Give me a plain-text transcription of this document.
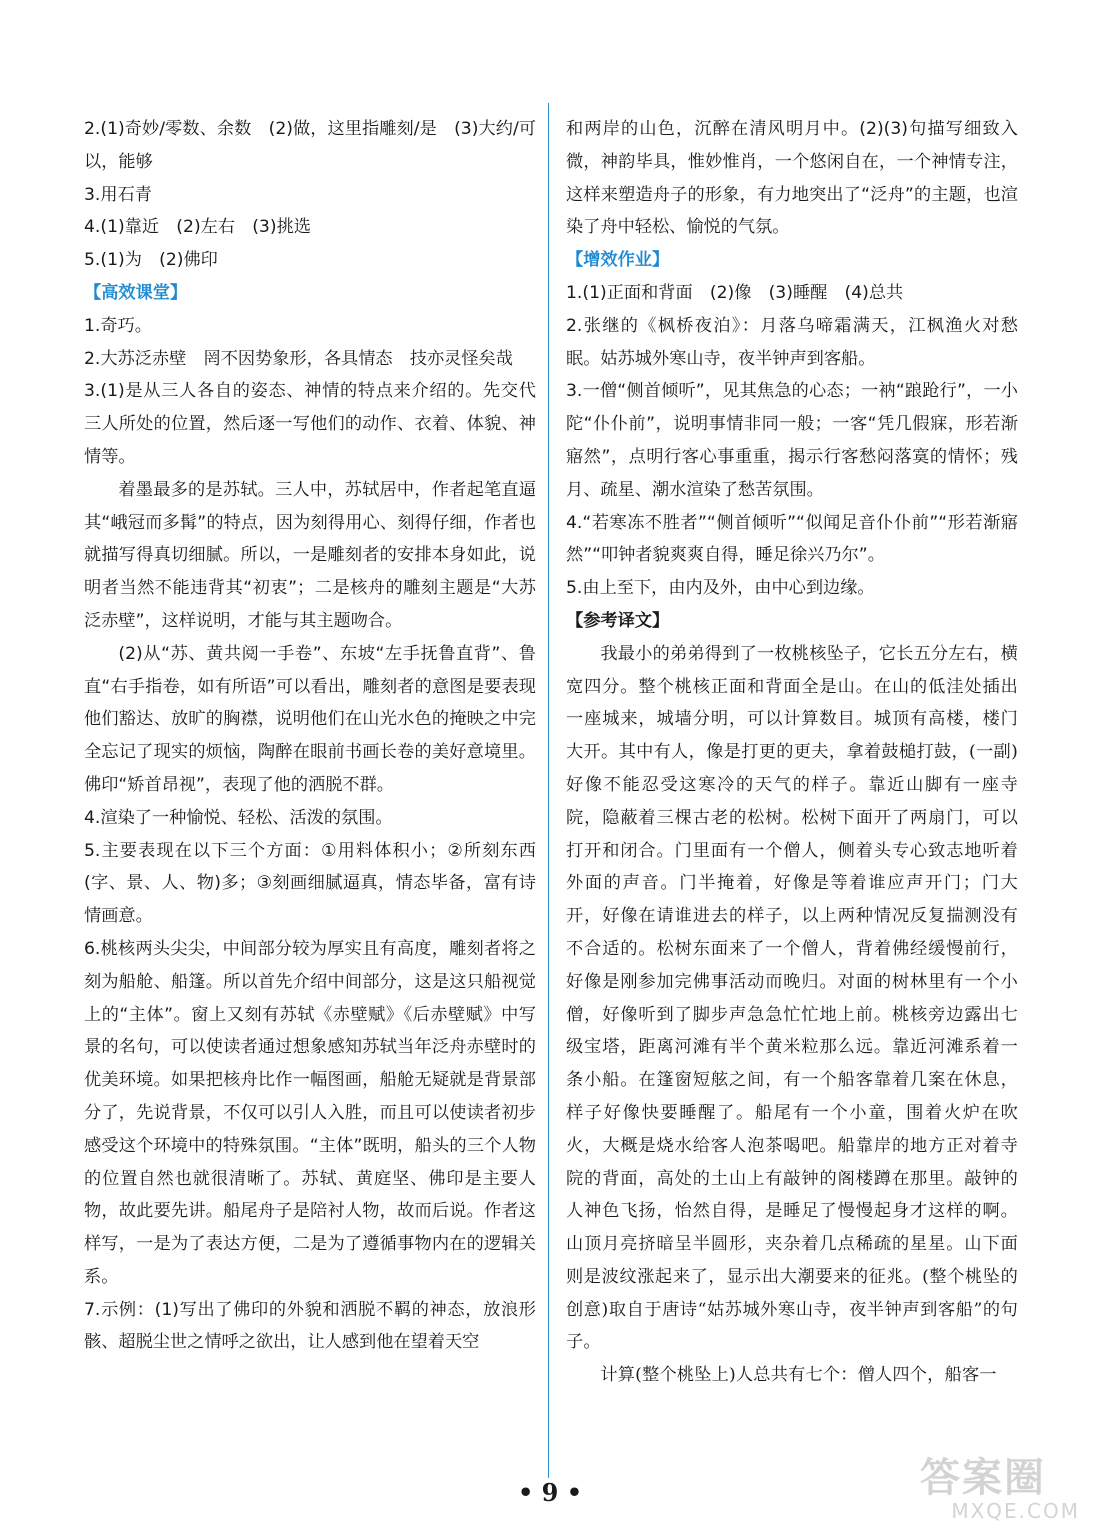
2.(1)奇妙/零数、余数　(2)做，这里指雕刻/是　(3)大约/可以，能够

3.用石青

4.(1)靠近　(2)左右　(3)挑选

5.(1)为　(2)佛印

【高效课堂】

1.奇巧。

2.大苏泛赤壁　罔不因势象形，各具情态　技亦灵怪矣哉

3.(1)是从三人各自的姿态、神情的特点来介绍的。先交代三人所处的位置，然后逐一写他们的动作、衣着、体貌、神情等。

着墨最多的是苏轼。三人中，苏轼居中，作者起笔直逼其“峨冠而多髯”的特点，因为刻得用心、刻得仔细，作者也就描写得真切细腻。所以，一是雕刻者的安排本身如此，说明者当然不能违背其“初衷”；二是核舟的雕刻主题是“大苏泛赤壁”，这样说明，才能与其主题吻合。

(2)从“苏、黄共阅一手卷”、东坡“左手抚鲁直背”、鲁直“右手指卷，如有所语”可以看出，雕刻者的意图是要表现他们豁达、放旷的胸襟，说明他们在山光水色的掩映之中完全忘记了现实的烦恼，陶醉在眼前书画长卷的美好意境里。佛印“矫首昂视”，表现了他的洒脱不群。

4.渲染了一种愉悦、轻松、活泼的氛围。

5.主要表现在以下三个方面：①用料体积小；②所刻东西(字、景、人、物)多；③刻画细腻逼真，情态毕备，富有诗情画意。

6.桃核两头尖尖，中间部分较为厚实且有高度，雕刻者将之刻为船舱、船篷。所以首先介绍中间部分，这是这只船视觉上的“主体”。窗上又刻有苏轼《赤壁赋》《后赤壁赋》中写景的名句，可以使读者通过想象感知苏轼当年泛舟赤壁时的优美环境。如果把核舟比作一幅图画，船舱无疑就是背景部分了，先说背景，不仅可以引人入胜，而且可以使读者初步感受这个环境中的特殊氛围。“主体”既明，船头的三个人物的位置自然也就很清晰了。苏轼、黄庭坚、佛印是主要人物，故此要先讲。船尾舟子是陪衬人物，故而后说。作者这样写，一是为了表达方便，二是为了遵循事物内在的逻辑关系。

7.示例：(1)写出了佛印的外貌和洒脱不羁的神态，放浪形骸、超脱尘世之情呼之欲出，让人感到他在望着天空

和两岸的山色，沉醉在清风明月中。(2)(3)句描写细致入微，神韵毕具，惟妙惟肖，一个悠闲自在，一个神情专注，这样来塑造舟子的形象，有力地突出了“泛舟”的主题，也渲染了舟中轻松、愉悦的气氛。

【增效作业】

1.(1)正面和背面　(2)像　(3)睡醒　(4)总共

2.张继的《枫桥夜泊》：月落乌啼霜满天，江枫渔火对愁眠。姑苏城外寒山寺，夜半钟声到客船。

3.一僧“侧首倾听”，见其焦急的心态；一衲“踉跄行”，一小陀“仆仆前”，说明事情非同一般；一客“凭几假寐，形若渐寤然”，点明行客心事重重，揭示行客愁闷落寞的情怀；残月、疏星、潮水渲染了愁苦氛围。

4.“若寒冻不胜者”“侧首倾听”“似闻足音仆仆前”“形若渐寤然”“叩钟者貌爽爽自得，睡足徐兴乃尔”。

5.由上至下，由内及外，由中心到边缘。

【参考译文】

我最小的弟弟得到了一枚桃核坠子，它长五分左右，横宽四分。整个桃核正面和背面全是山。在山的低洼处插出一座城来，城墙分明，可以计算数目。城顶有高楼，楼门大开。其中有人，像是打更的更夫，拿着鼓槌打鼓，(一副)好像不能忍受这寒冷的天气的样子。靠近山脚有一座寺院，隐蔽着三棵古老的松树。松树下面开了两扇门，可以打开和闭合。门里面有一个僧人，侧着头专心致志地听着外面的声音。门半掩着，好像是等着谁应声开门；门大开，好像在请谁进去的样子，以上两种情况反复揣测没有不合适的。松树东面来了一个僧人，背着佛经缓慢前行，好像是刚参加完佛事活动而晚归。对面的树林里有一个小僧，好像听到了脚步声急急忙忙地上前。桃核旁边露出七级宝塔，距离河滩有半个黄米粒那么远。靠近河滩系着一条小船。在篷窗短舷之间，有一个船客靠着几案在休息，样子好像快要睡醒了。船尾有一个小童，围着火炉在吹火，大概是烧水给客人泡茶喝吧。船靠岸的地方正对着寺院的背面，高处的土山上有敲钟的阁楼蹲在那里。敲钟的人神色飞扬，怡然自得，是睡足了慢慢起身才这样的啊。山顶月亮挤暗呈半圆形，夹杂着几点稀疏的星星。山下面则是波纹涨起来了，显示出大潮要来的征兆。(整个桃坠的创意)取自于唐诗“姑苏城外寒山寺，夜半钟声到客船”的句子。

计算(整个桃坠上)人总共有七个：僧人四个，船客一

• 9 •	答案圈
MXQE.COM
